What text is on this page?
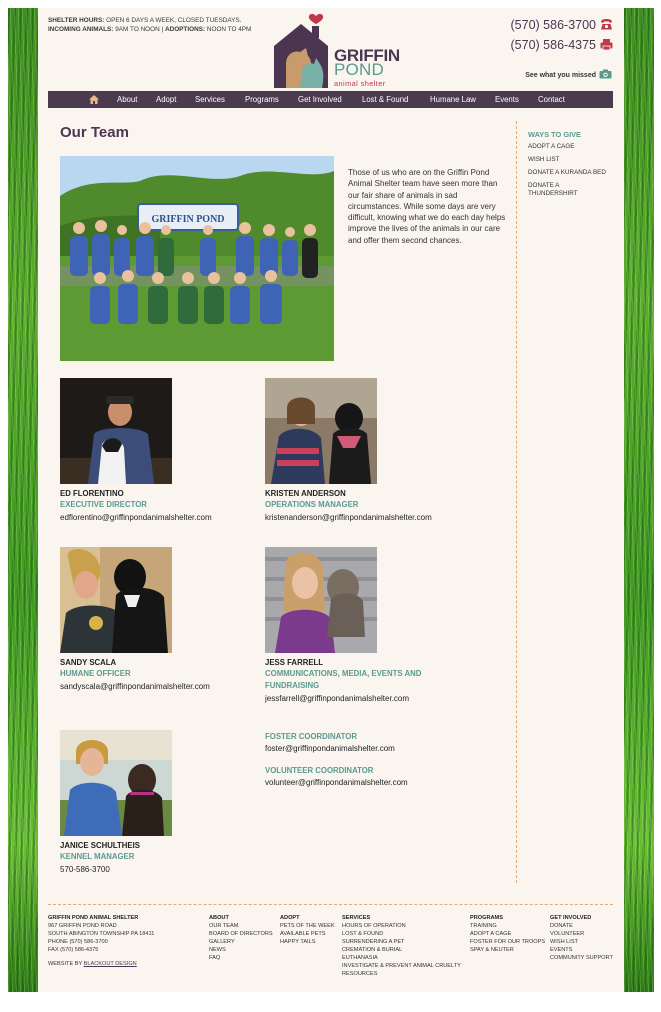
SHELTER HOURS: OPEN 6 DAYS A WEEK, CLOSED TUESDAYS.
INCOMING ANIMALS: 9AM TO NOON | ADOPTIONS: NOON TO 4PM
GRIFFIN
POND
animal shelter
(570) 586-3700
(570) 586-4375
See what you missed
About Adopt Services	Programs Get Involved	Lost & Found	Humane Law Events Contact
Our Team
GRIFFIN POND
Those of us who are on the Griffin Pond Animal Shelter team have seen more than our fair share of animals in sad circumstances. While some days are very difficult, knowing what we do each day helps improve the lives of the animals in our care and offer them second chances.
WAYS TO GIVE
ADOPT A CAGE
WISH LIST
DONATE A KURANDA BED
DONATE A THUNDERSHIRT
ED FLORENTINO
EXECUTIVE DIRECTOR
edflorentino@griffinpondanimalshelter.com
KRISTEN ANDERSON
OPERATIONS MANAGER
kristenanderson@griffinpondanimalshelter.com
SANDY SCALA
HUMANE OFFICER
sandyscala@griffinpondanimalshelter.com
JESS FARRELL
COMMUNICATIONS, MEDIA, EVENTS AND
FUNDRAISING
jessfarrell@griffinpondanimalshelter.com
JANICE SCHULTHEIS
KENNEL MANAGER
570-586-3700
FOSTER COORDINATOR
foster@griffinpondanimalshelter.com
VOLUNTEER COORDINATOR
volunteer@griffinpondanimalshelter.com
GRIFFIN POND ANIMAL SHELTER
967 GRIFFIN POND ROAD
SOUTH ABINGTON TOWNSHIP PA 18411
PHONE (570) 586-3700
FAX (570) 586-4375
WEBSITE BY BLACKOUT DESIGN
ABOUT
OUR TEAM
BOARD OF DIRECTORS
GALLERY
NEWS
FAQ
ADOPT
PETS OF THE WEEK
AVAILABLE PETS
HAPPY TAILS
SERVICES
HOURS OF OPERATION
LOST & FOUND
SURRENDERING A PET
CREMATION & BURIAL
EUTHANASIA
INVESTIGATE & PREVENT ANIMAL CRUELTY
RESOURCES
PROGRAMS
TRAINING
ADOPT A CAGE
FOSTER FOR OUR TROOPS
SPAY & NEUTER
GET INVOLVED
DONATE
VOLUNTEER
WISH LIST
EVENTS
COMMUNITY SUPPORT
